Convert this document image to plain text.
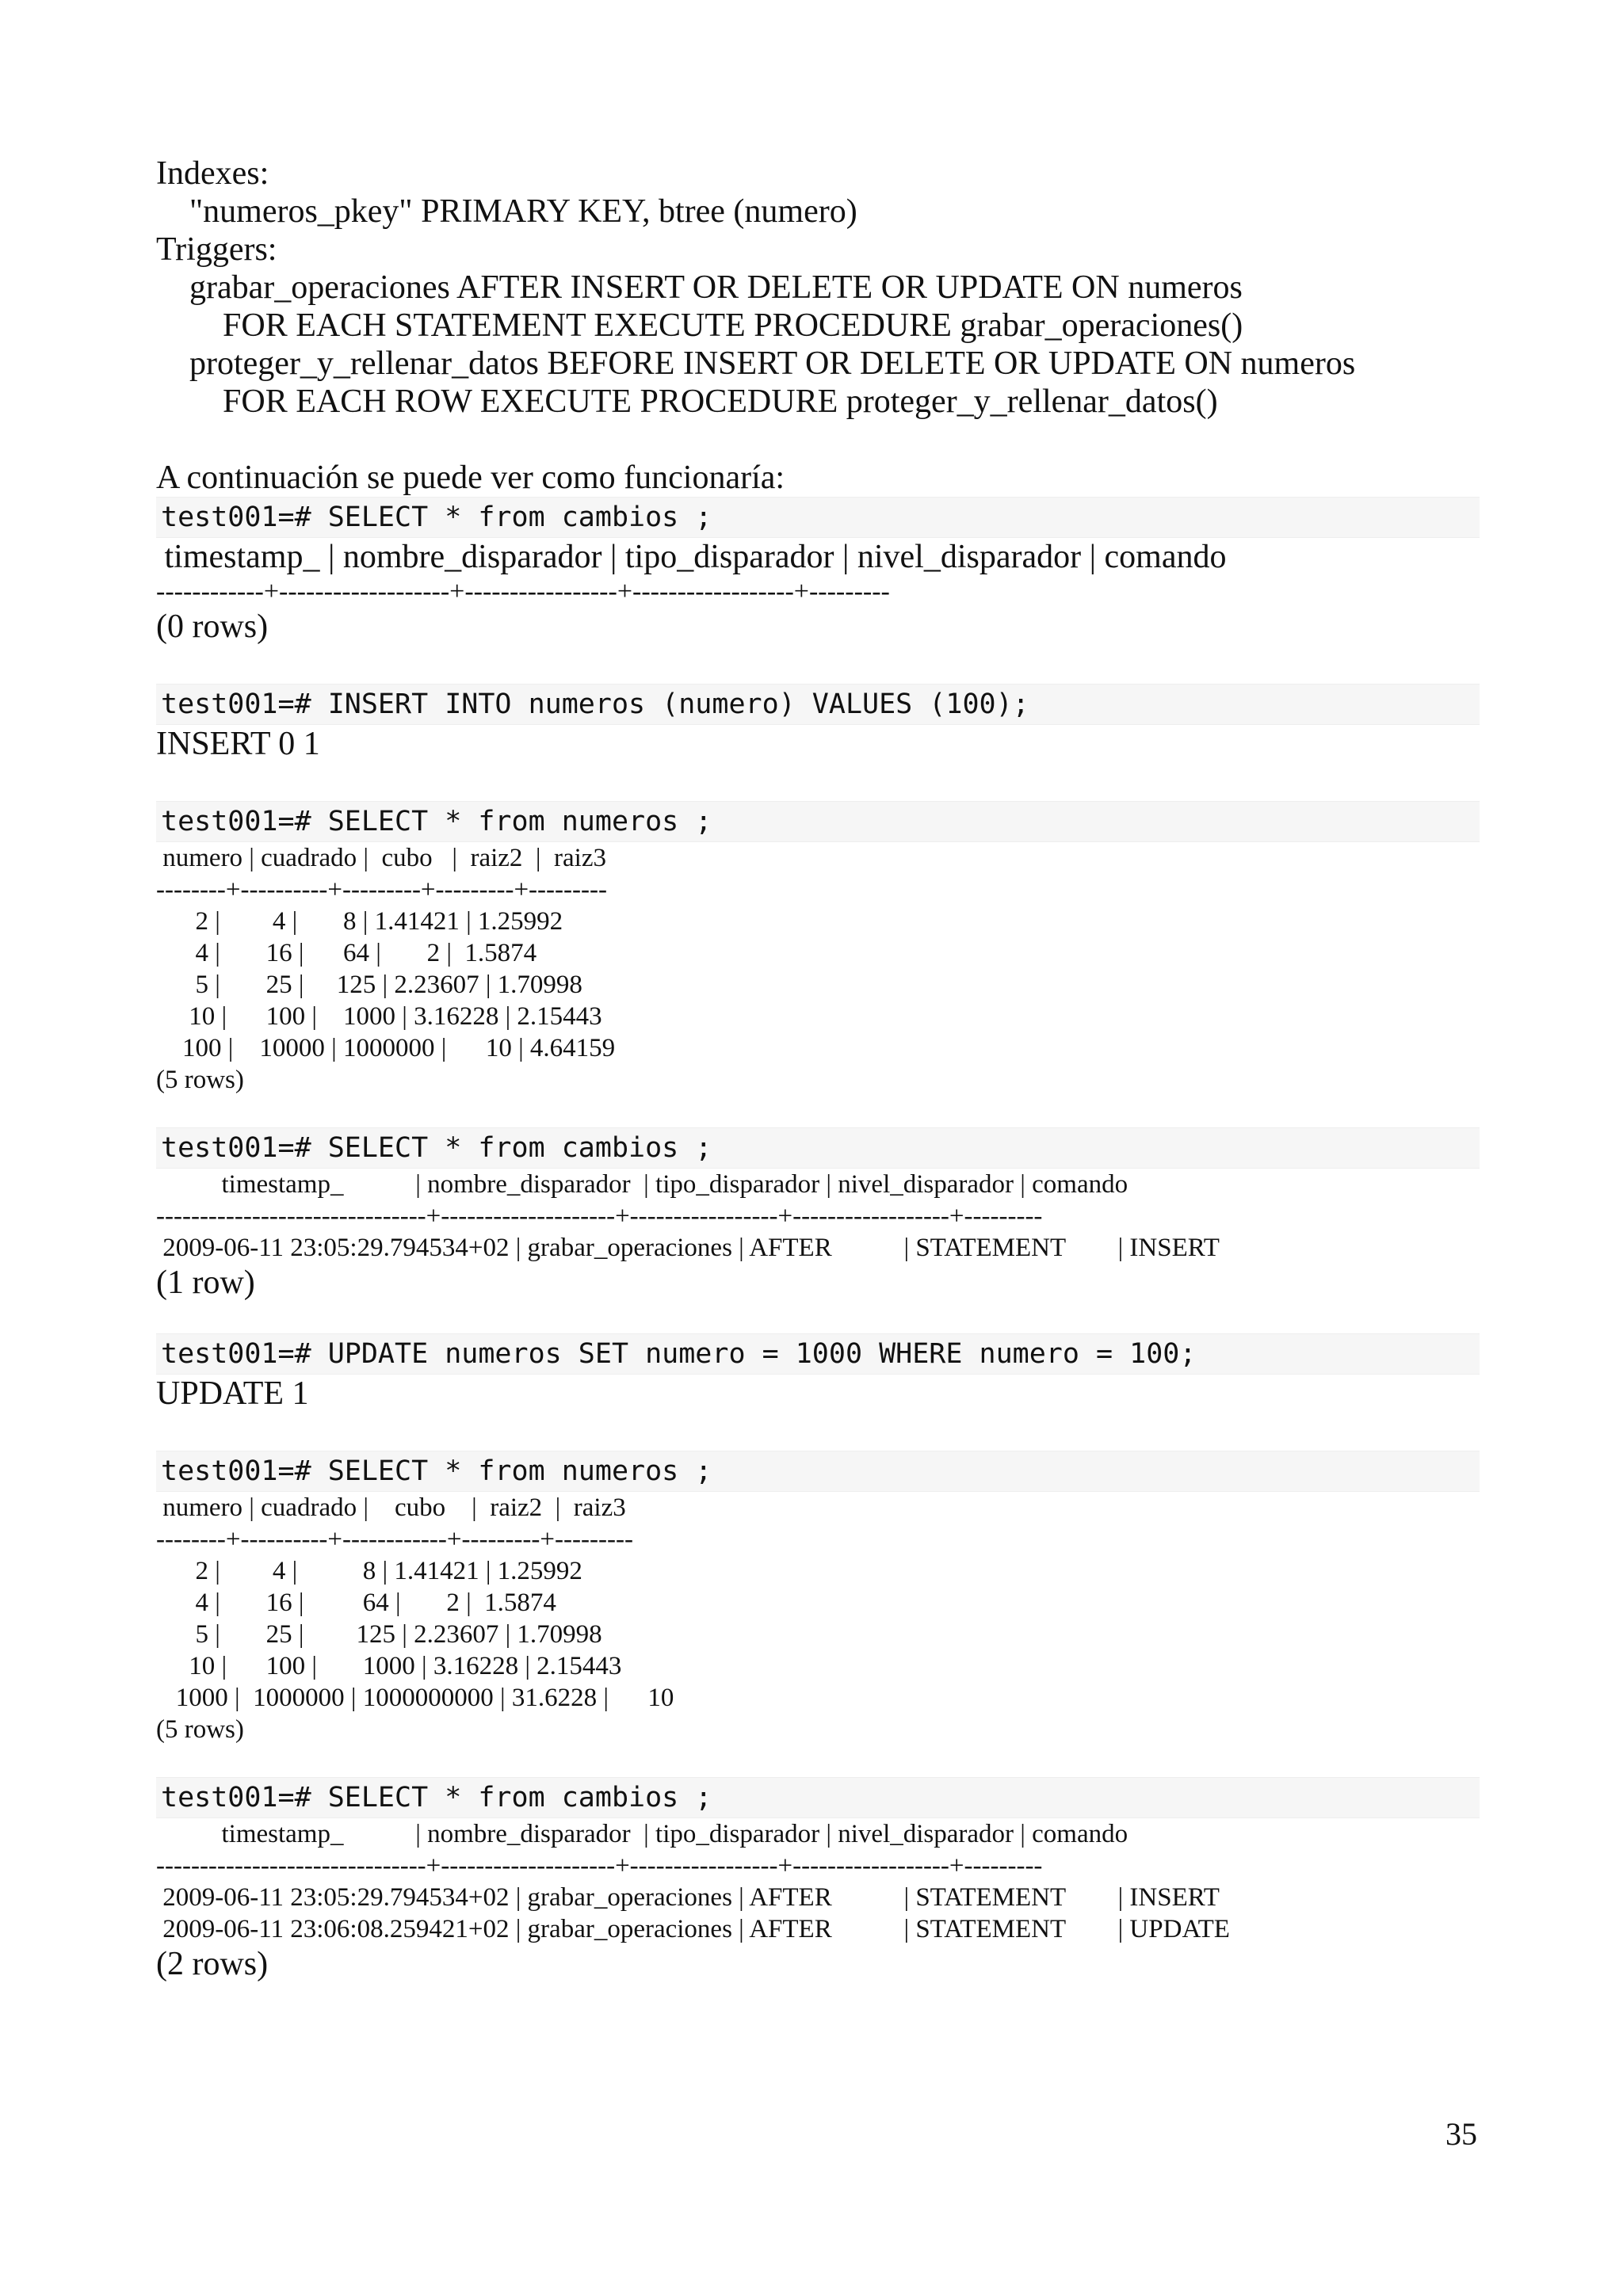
Indexes:

"numeros_pkey" PRIMARY KEY, btree (numero)

Triggers:

grabar_operaciones AFTER INSERT OR DELETE OR UPDATE ON numeros

FOR EACH STATEMENT EXECUTE PROCEDURE grabar_operaciones()

proteger_y_rellenar_datos BEFORE INSERT OR DELETE OR UPDATE ON numeros

FOR EACH ROW EXECUTE PROCEDURE proteger_y_rellenar_datos()

A continuación se puede ver como funcionaría:

test001=# SELECT * from cambios ;

timestamp_ | nombre_disparador | tipo_disparador | nivel_disparador | comando

------------+-------------------+-----------------+------------------+---------

(0 rows)

test001=# INSERT INTO numeros (numero) VALUES (100);

INSERT 0 1

test001=# SELECT * from numeros ;

numero | cuadrado |  cubo   |  raiz2  |  raiz3

--------+----------+---------+---------+---------

2 |        4 |       8 | 1.41421 | 1.25992

4 |       16 |      64 |       2 |  1.5874

5 |       25 |     125 | 2.23607 | 1.70998

10 |      100 |    1000 | 3.16228 | 2.15443

100 |    10000 | 1000000 |      10 | 4.64159

(5 rows)

test001=# SELECT * from cambios ;

timestamp_           | nombre_disparador  | tipo_disparador | nivel_disparador | comando

-------------------------------+--------------------+-----------------+------------------+---------

2009-06-11 23:05:29.794534+02 | grabar_operaciones | AFTER           | STATEMENT        | INSERT

(1 row)

test001=# UPDATE numeros SET numero = 1000 WHERE numero = 100;

UPDATE 1

test001=# SELECT * from numeros ;

numero | cuadrado |    cubo    |  raiz2  |  raiz3

--------+----------+------------+---------+---------

2 |        4 |          8 | 1.41421 | 1.25992

4 |       16 |         64 |       2 |  1.5874

5 |       25 |        125 | 2.23607 | 1.70998

10 |      100 |       1000 | 3.16228 | 2.15443

1000 |  1000000 | 1000000000 | 31.6228 |      10

(5 rows)

test001=# SELECT * from cambios ;

timestamp_           | nombre_disparador  | tipo_disparador | nivel_disparador | comando

-------------------------------+--------------------+-----------------+------------------+---------

2009-06-11 23:05:29.794534+02 | grabar_operaciones | AFTER           | STATEMENT        | INSERT

2009-06-11 23:06:08.259421+02 | grabar_operaciones | AFTER           | STATEMENT        | UPDATE

(2 rows)

35
